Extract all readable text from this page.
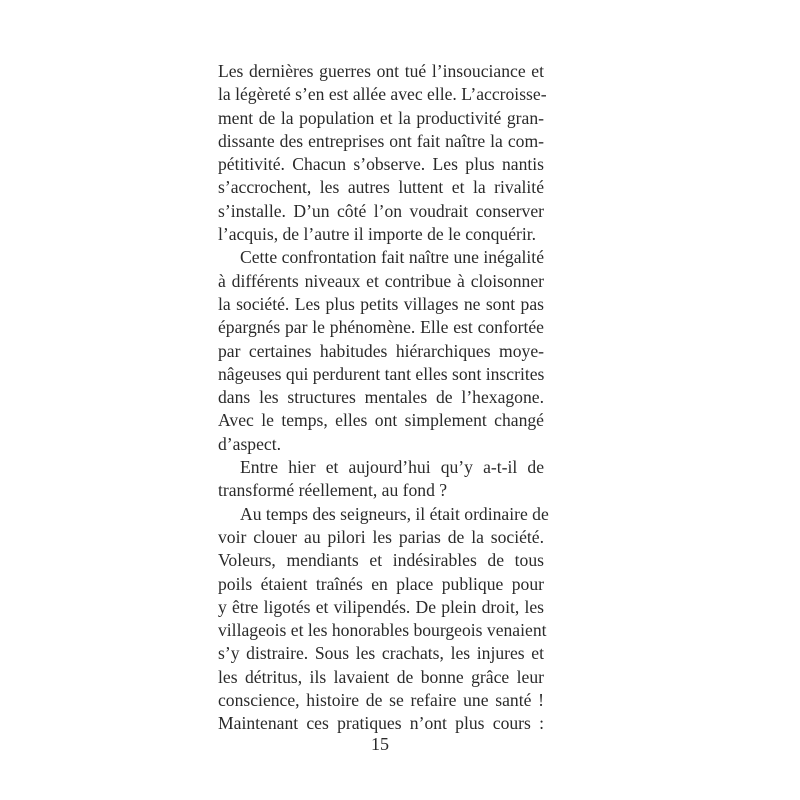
Les dernières guerres ont tué l’insouciance et
la légèreté s’en est allée avec elle. L’accroisse-
ment de la population et la productivité gran-
dissante des entreprises ont fait naître la com-
pétitivité. Chacun s’observe. Les plus nantis
s’accrochent, les autres luttent et la rivalité
s’installe. D’un côté l’on voudrait conserver
l’acquis, de l’autre il importe de le conquérir.
Cette confrontation fait naître une inégalité
à différents niveaux et contribue à cloisonner
la société. Les plus petits villages ne sont pas
épargnés par le phénomène. Elle est confortée
par certaines habitudes hiérarchiques moye-
nâgeuses qui perdurent tant elles sont inscrites
dans les structures mentales de l’hexagone.
Avec le temps, elles ont simplement changé
d’aspect.
Entre hier et aujourd’hui qu’y a-t-il de
transformé réellement, au fond ?
Au temps des seigneurs, il était ordinaire de
voir clouer au pilori les parias de la société.
Voleurs, mendiants et indésirables de tous
poils étaient traînés en place publique pour
y être ligotés et vilipendés. De plein droit, les
villageois et les honorables bourgeois venaient
s’y distraire. Sous les crachats, les injures et
les détritus, ils lavaient de bonne grâce leur
conscience, histoire de se refaire une santé !
Maintenant ces pratiques n’ont plus cours :
15
